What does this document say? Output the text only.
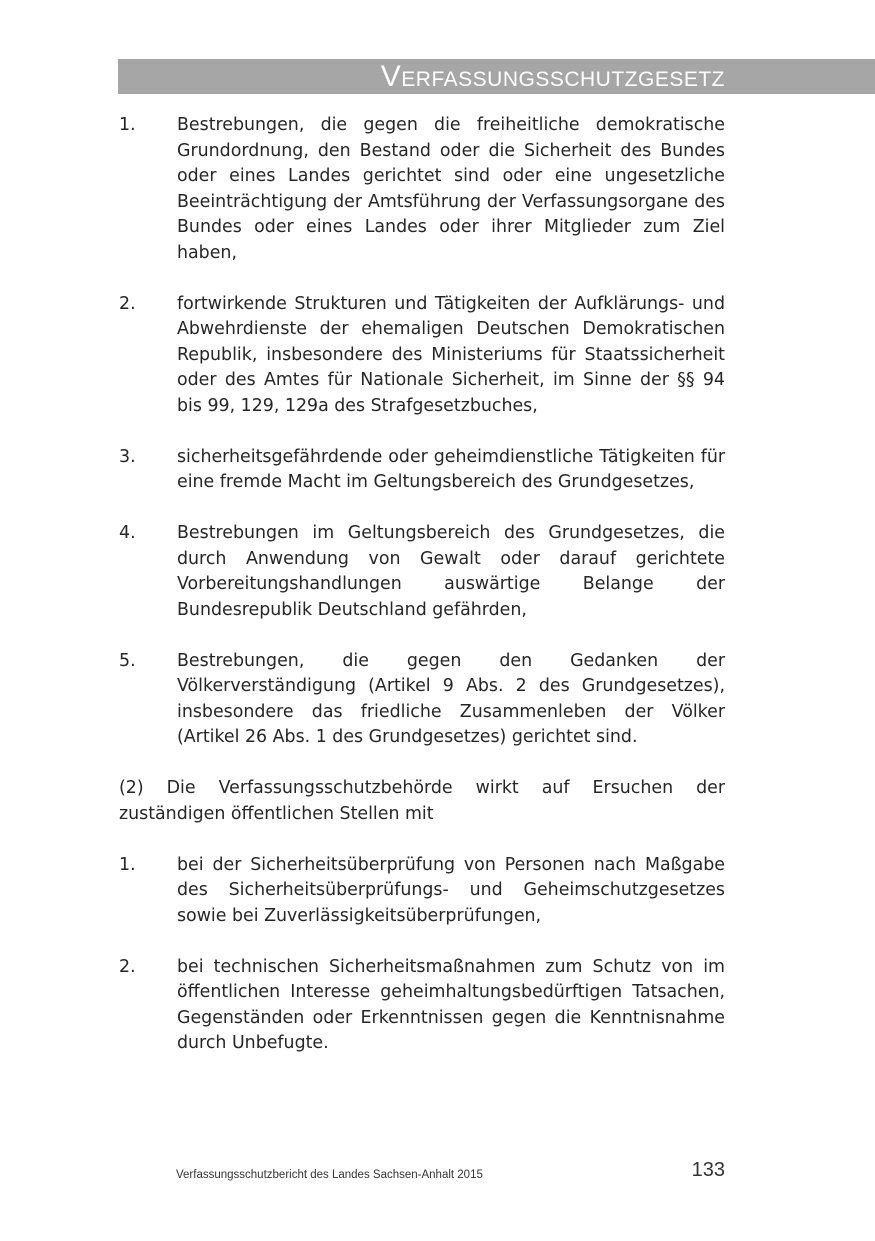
Verfassungsschutzgesetz
1.	Bestrebungen, die gegen die freiheitliche demokratische Grundordnung, den Bestand oder die Sicherheit des Bundes oder eines Landes gerichtet sind oder eine ungesetzliche Beeinträchtigung der Amtsführung der Verfassungsorgane des Bundes oder eines Landes oder ihrer Mitglieder zum Ziel haben,
2.	fortwirkende Strukturen und Tätigkeiten der Aufklärungs- und Abwehrdienste der ehemaligen Deutschen Demokratischen Republik, insbesondere des Ministeriums für Staatssicherheit oder des Amtes für Nationale Sicherheit, im Sinne der §§ 94 bis 99, 129, 129a des Strafgesetzbuches,
3.	sicherheitsgefährdende oder geheimdienstliche Tätigkeiten für eine fremde Macht im Geltungsbereich des Grundgesetzes,
4.	Bestrebungen im Geltungsbereich des Grundgesetzes, die durch Anwendung von Gewalt oder darauf gerichtete Vorbereitungshandlungen auswärtige Belange der Bundesrepublik Deutschland gefährden,
5.	Bestrebungen, die gegen den Gedanken der Völkerverständigung (Artikel 9 Abs. 2 des Grundgesetzes), insbesondere das friedliche Zusammenleben der Völker (Artikel 26 Abs. 1 des Grundgesetzes) gerichtet sind.
(2) Die Verfassungsschutzbehörde wirkt auf Ersuchen der zuständigen öffentlichen Stellen mit
1.	bei der Sicherheitsüberprüfung von Personen nach Maßgabe des Sicherheitsüberprüfungs- und Geheimschutzgesetzes sowie bei Zuverlässigkeitsüberprüfungen,
2.	bei technischen Sicherheitsmaßnahmen zum Schutz von im öffentlichen Interesse geheimhaltungsbedürftigen Tatsachen, Gegenständen oder Erkenntnissen gegen die Kenntnisnahme durch Unbefugte.
Verfassungsschutzbericht des Landes Sachsen-Anhalt 2015	133
